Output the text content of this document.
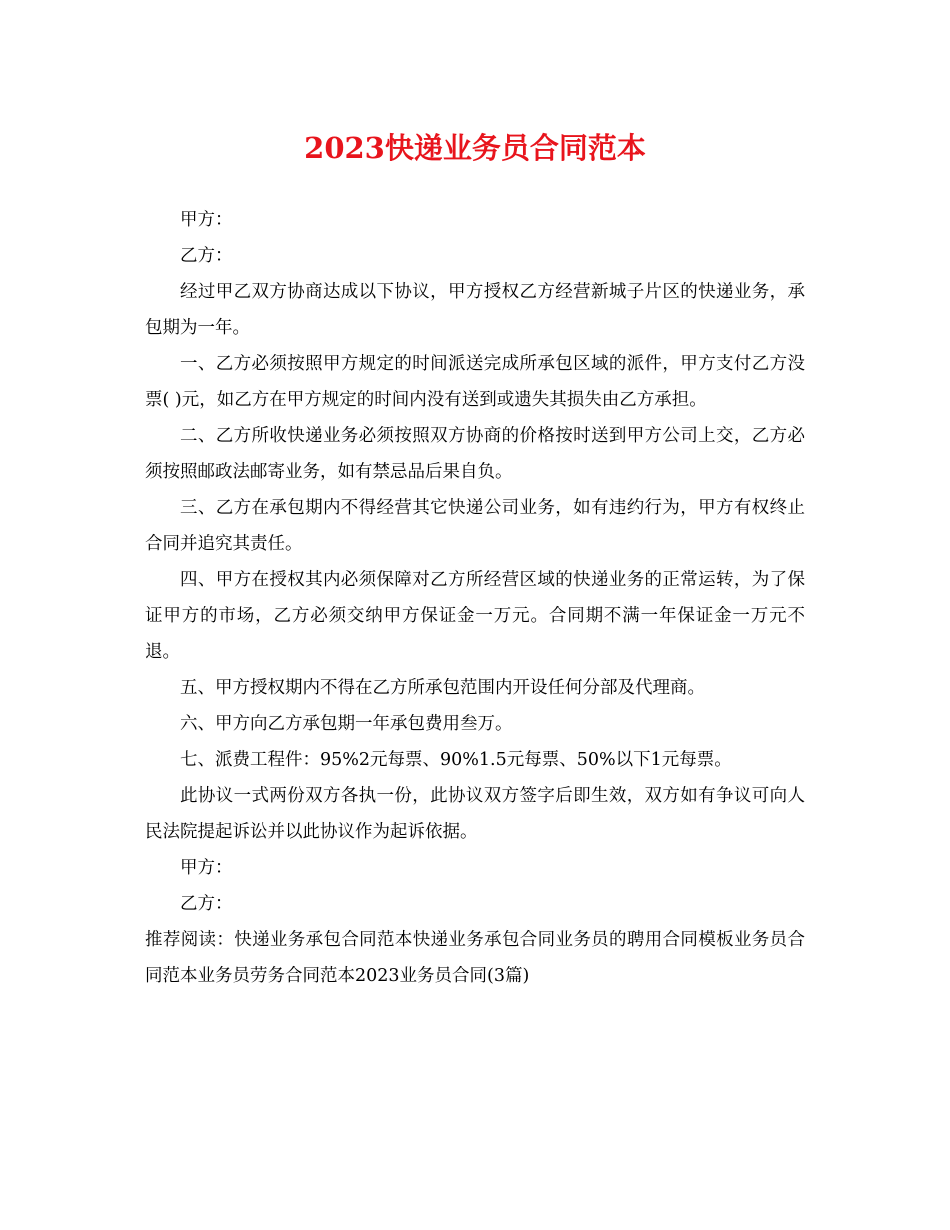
2023快递业务员合同范本

甲方：

乙方：

经过甲乙双方协商达成以下协议，甲方授权乙方经营新城子片区的快递业务，承包期为一年。

一、乙方必须按照甲方规定的时间派送完成所承包区域的派件，甲方支付乙方没票( )元，如乙方在甲方规定的时间内没有送到或遗失其损失由乙方承担。

二、乙方所收快递业务必须按照双方协商的价格按时送到甲方公司上交，乙方必须按照邮政法邮寄业务，如有禁忌品后果自负。

三、乙方在承包期内不得经营其它快递公司业务，如有违约行为，甲方有权终止合同并追究其责任。

四、甲方在授权其内必须保障对乙方所经营区域的快递业务的正常运转，为了保证甲方的市场，乙方必须交纳甲方保证金一万元。合同期不满一年保证金一万元不退。

五、甲方授权期内不得在乙方所承包范围内开设任何分部及代理商。

六、甲方向乙方承包期一年承包费用叁万。

七、派费工程件：95%2元每票、90%1.5元每票、50%以下1元每票。

此协议一式两份双方各执一份，此协议双方签字后即生效，双方如有争议可向人民法院提起诉讼并以此协议作为起诉依据。

甲方：

乙方：

推荐阅读：快递业务承包合同范本快递业务承包合同业务员的聘用合同模板业务员合同范本业务员劳务合同范本2023业务员合同(3篇)
